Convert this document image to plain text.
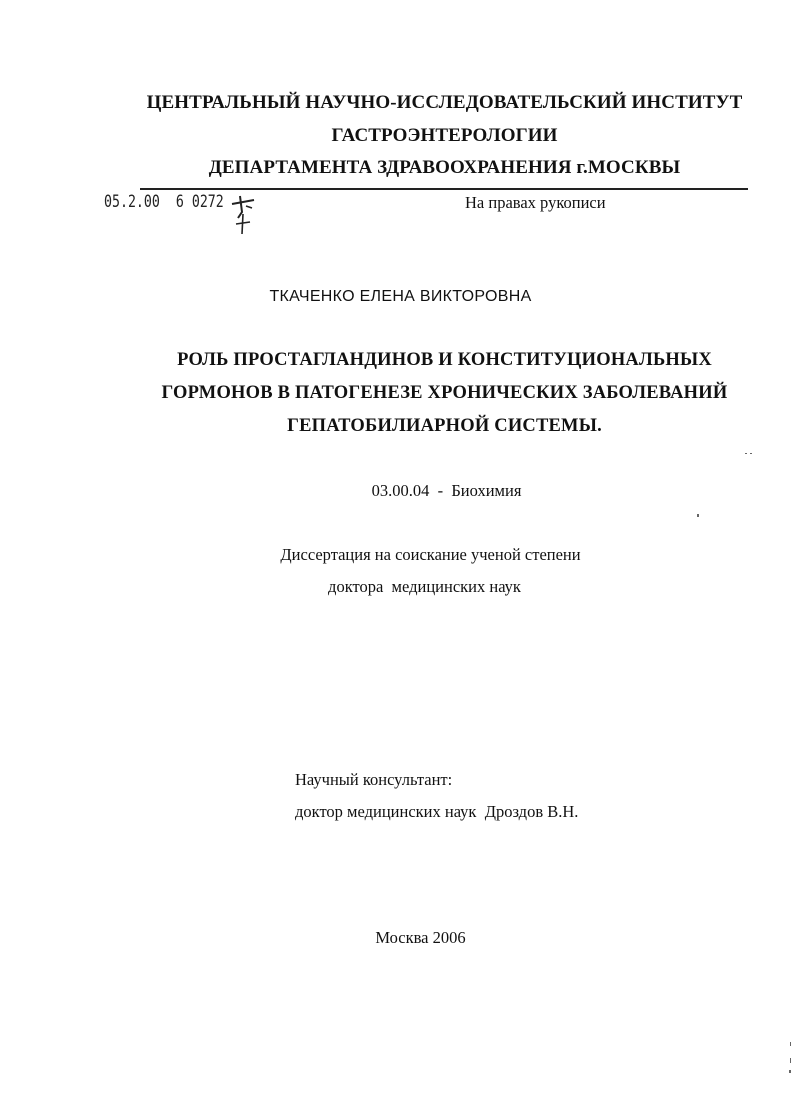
ЦЕНТРАЛЬНЫЙ НАУЧНО-ИССЛЕДОВАТЕЛЬСКИЙ ИНСТИТУТ
ГАСТРОЭНТЕРОЛОГИИ
ДЕПАРТАМЕНТА ЗДРАВООХРАНЕНИЯ г.МОСКВЫ
05.2.00 6 0272	На правах рукописи
ТКАЧЕНКО ЕЛЕНА ВИКТОРОВНА
РОЛЬ ПРОСТАГЛАНДИНОВ И КОНСТИТУЦИОНАЛЬНЫХ
ГОРМОНОВ В ПАТОГЕНЕЗЕ ХРОНИЧЕСКИХ ЗАБОЛЕВАНИЙ
ГЕПАТОБИЛИАРНОЙ СИСТЕМЫ.
03.00.04  -  Биохимия
Диссертация на соискание ученой степени
доктора  медицинских наук
Научный консультант:
доктор медицинских наук  Дроздов В.Н.
Москва 2006
